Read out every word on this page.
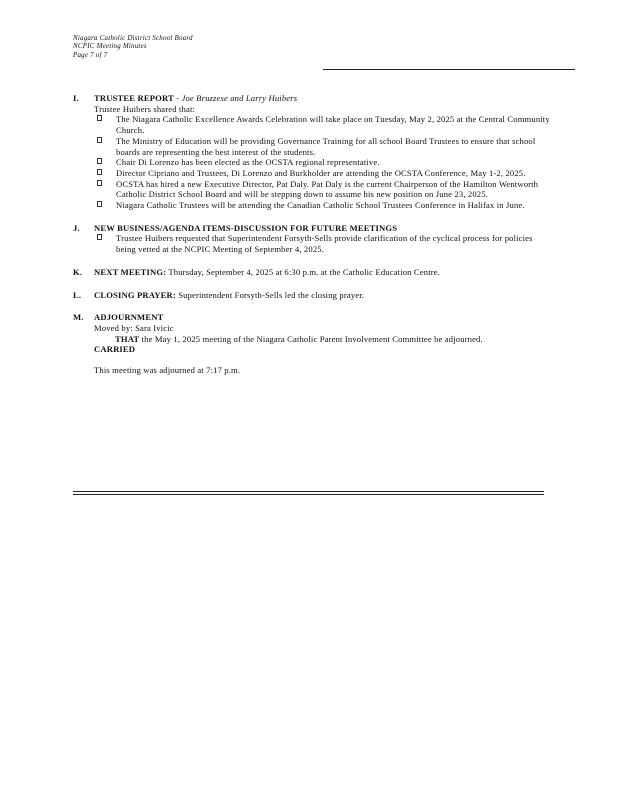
Niagara Catholic District School Board
NCPIC Meeting Minutes
Page 7 of 7
I. TRUSTEE REPORT - Joe Bruzzese and Larry Huibers
Trustee Huibers shared that:
The Niagara Catholic Excellence Awards Celebration will take place on Tuesday, May 2, 2025 at the Central Community Church.
The Ministry of Education will be providing Governance Training for all school Board Trustees to ensure that school boards are representing the best interest of the students.
Chair Di Lorenzo has been elected as the OCSTA regional representative.
Director Cipriano and Trustees, Di Lorenzo and Burkholder are attending the OCSTA Conference, May 1-2, 2025.
OCSTA has hired a new Executive Director, Pat Daly. Pat Daly is the current Chairperson of the Hamilton Wentworth Catholic District School Board and will be stepping down to assume his new position on June 23, 2025.
Niagara Catholic Trustees will be attending the Canadian Catholic School Trustees Conference in Halifax in June.
J. NEW BUSINESS/AGENDA ITEMS-DISCUSSION FOR FUTURE MEETINGS
Trustee Huibers requested that Superintendent Forsyth-Sells provide clarification of the cyclical process for policies being vetted at the NCPIC Meeting of September 4, 2025.
K. NEXT MEETING: Thursday, September 4, 2025 at 6:30 p.m. at the Catholic Education Centre.
L. CLOSING PRAYER: Superintendent Forsyth-Sells led the closing prayer.
M. ADJOURNMENT
Moved by: Sara Ivicic
THAT the May 1, 2025 meeting of the Niagara Catholic Parent Involvement Committee be adjourned.
CARRIED
This meeting was adjourned at 7:17 p.m.
